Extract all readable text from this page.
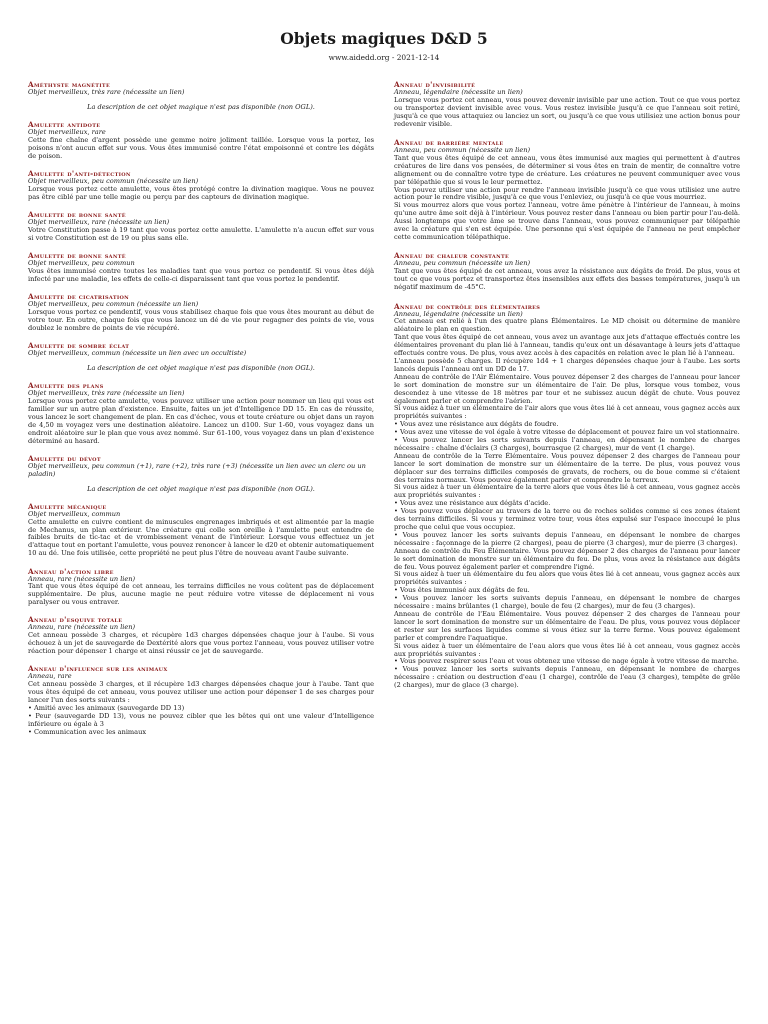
Objets magiques D&D 5
www.aidedd.org - 2021-12-14
Améthyste magnétite
Objet merveilleux, très rare (nécessite un lien)
La description de cet objet magique n'est pas disponible (non OGL).
Amulette antidote
Objet merveilleux, rare

Cette fine chaîne d'argent possède une gemme noire joliment taillée. Lorsque vous la portez, les poisons n'ont aucun effet sur vous. Vous êtes immunisé contre l'état empoisonné et contre les dégâts de poison.

Amulette d'anti-détection
Objet merveilleux, peu commun (nécessite un lien)

Lorsque vous portez cette amulette, vous êtes protégé contre la divination magique. Vous ne pouvez pas être ciblé par une telle magie ou perçu par des capteurs de divination magique.

Amulette de bonne santé
Objet merveilleux, rare (nécessite un lien)

Votre Constitution passe à 19 tant que vous portez cette amulette. L'amulette n'a aucun effet sur vous si votre Constitution est de 19 ou plus sans elle.

Amulette de bonne santé
Objet merveilleux, peu commun

Vous êtes immunisé contre toutes les maladies tant que vous portez ce pendentif. Si vous êtes déjà infecté par une maladie, les effets de celle-ci disparaissent tant que vous portez le pendentif.

Amulette de cicatrisation
Objet merveilleux, peu commun (nécessite un lien)

Lorsque vous portez ce pendentif, vous vous stabilisez chaque fois que vous êtes mourant au début de votre tour. En outre, chaque fois que vous lancez un dé de vie pour regagner des points de vie, vous doublez le nombre de points de vie récupéré.

Amulette de sombre éclat
Objet merveilleux, commun (nécessite un lien avec un occultiste)
La description de cet objet magique n'est pas disponible (non OGL).
Amulette des plans
Objet merveilleux, très rare (nécessite un lien)

Lorsque vous portez cette amulette, vous pouvez utiliser une action pour nommer un lieu qui vous est familier sur un autre plan d'existence. Ensuite, faites un jet d'Intelligence DD 15. En cas de réussite, vous lancez le sort changement de plan. En cas d'échec, vous et toute créature ou objet dans un rayon de 4,50 m voyagez vers une destination aléatoire. Lancez un d100. Sur 1-60, vous voyagez dans un endroit aléatoire sur le plan que vous avez nommé. Sur 61-100, vous voyagez dans un plan d'existence déterminé au hasard.

Amulette du dévot
Objet merveilleux, peu commun (+1), rare (+2), très rare (+3) (nécessite un lien avec un clerc ou un paladin)
La description de cet objet magique n'est pas disponible (non OGL).
Amulette mécanique
Objet merveilleux, commun

Cette amulette en cuivre contient de minuscules engrenages imbriqués et est alimentée par la magie de Mechanus, un plan extérieur. Une créature qui colle son oreille à l'amulette peut entendre de faibles bruits de tic-tac et de vrombissement venant de l'intérieur. Lorsque vous effectuez un jet d'attaque tout en portant l'amulette, vous pouvez renoncer à lancer le d20 et obtenir automatiquement 10 au dé. Une fois utilisée, cette propriété ne peut plus l'être de nouveau avant l'aube suivante.

Anneau d'action libre
Anneau, rare (nécessite un lien)

Tant que vous êtes équipé de cet anneau, les terrains difficiles ne vous coûtent pas de déplacement supplémentaire. De plus, aucune magie ne peut réduire votre vitesse de déplacement ni vous paralyser ou vous entraver.

Anneau d'esquive totale
Anneau, rare (nécessite un lien)

Cet anneau possède 3 charges, et récupère 1d3 charges dépensées chaque jour à l'aube. Si vous échouez à un jet de sauvegarde de Dextérité alors que vous portez l'anneau, vous pouvez utiliser votre réaction pour dépenser 1 charge et ainsi réussir ce jet de sauvegarde.

Anneau d'influence sur les animaux
Anneau, rare

Cet anneau possède 3 charges, et il récupère 1d3 charges dépensées chaque jour à l'aube. Tant que vous êtes équipé de cet anneau, vous pouvez utiliser une action pour dépenser 1 de ses charges pour lancer l'un des sorts suivants :

• Amitié avec les animaux (sauvegarde DD 13)

• Peur (sauvegarde DD 13), vous ne pouvez cibler que les bêtes qui ont une valeur d'Intelligence inférieure ou égale à 3

• Communication avec les animaux

Anneau d'invisibilité
Anneau, légendaire (nécessite un lien)

Lorsque vous portez cet anneau, vous pouvez devenir invisible par une action. Tout ce que vous portez ou transportez devient invisible avec vous. Vous restez invisible jusqu'à ce que l'anneau soit retiré, jusqu'à ce que vous attaquiez ou lanciez un sort, ou jusqu'à ce que vous utilisiez une action bonus pour redevenir visible.

Anneau de barrière mentale
Anneau, peu commun (nécessite un lien)

Tant que vous êtes équipé de cet anneau, vous êtes immunisé aux magies qui permettent à d'autres créatures de lire dans vos pensées, de déterminer si vous êtes en train de mentir, de connaître votre alignement ou de connaître votre type de créature. Les créatures ne peuvent communiquer avec vous par télépathie que si vous le leur permettez.

Vous pouvez utiliser une action pour rendre l'anneau invisible jusqu'à ce que vous utilisiez une autre action pour le rendre visible, jusqu'à ce que vous l'enleviez, ou jusqu'à ce que vous mourriez.

Si vous mourrez alors que vous portez l'anneau, votre âme pénètre à l'intérieur de l'anneau, à moins qu'une autre âme soit déjà à l'intérieur. Vous pouvez rester dans l'anneau ou bien partir pour l'au-delà. Aussi longtemps que votre âme se trouve dans l'anneau, vous pouvez communiquer par télépathie avec la créature qui s'en est équipée. Une personne qui s'est équipée de l'anneau ne peut empêcher cette communication télépathique.

Anneau de chaleur constante
Anneau, peu commun (nécessite un lien)

Tant que vous êtes équipé de cet anneau, vous avez la résistance aux dégâts de froid. De plus, vous et tout ce que vous portez et transportez êtes insensibles aux effets des basses températures, jusqu'à un négatif maximum de -45°C.

Anneau de contrôle des élémentaires
Anneau, légendaire (nécessite un lien)

Cet anneau est relié à l'un des quatre plans Élémentaires. Le MD choisit ou détermine de manière aléatoire le plan en question.

Tant que vous êtes équipé de cet anneau, vous avez un avantage aux jets d'attaque effectués contre les élémentaires provenant du plan lié à l'anneau, tandis qu'eux ont un désavantage à leurs jets d'attaque effectués contre vous. De plus, vous avez accès à des capacités en relation avec le plan lié à l'anneau.

L'anneau possède 5 charges. Il récupère 1d4 + 1 charges dépensées chaque jour à l'aube. Les sorts lancés depuis l'anneau ont un DD de 17.

Anneau de contrôle de l'Air Élémentaire. Vous pouvez dépenser 2 des charges de l'anneau pour lancer le sort domination de monstre sur un élémentaire de l'air. De plus, lorsque vous tombez, vous descendez à une vitesse de 18 mètres par tour et ne subissez aucun dégât de chute. Vous pouvez également parler et comprendre l'aérien.

Si vous aidez à tuer un élémentaire de l'air alors que vous êtes lié à cet anneau, vous gagnez accès aux propriétés suivantes :

• Vous avez une résistance aux dégâts de foudre.

• Vous avez une vitesse de vol égale à votre vitesse de déplacement et pouvez faire un vol stationnaire.

• Vous pouvez lancer les sorts suivants depuis l'anneau, en dépensant le nombre de charges nécessaire : chaîne d'éclairs (3 charges), bourrasque (2 charges), mur de vent (1 charge).

Anneau de contrôle de la Terre Élémentaire. Vous pouvez dépenser 2 des charges de l'anneau pour lancer le sort domination de monstre sur un élémentaire de la terre. De plus, vous pouvez vous déplacer sur des terrains difficiles composés de gravats, de rochers, ou de boue comme si c'étaient des terrains normaux. Vous pouvez également parler et comprendre le terreux.

Si vous aidez à tuer un élémentaire de la terre alors que vous êtes lié à cet anneau, vous gagnez accès aux propriétés suivantes :

• Vous avez une résistance aux dégâts d'acide.

• Vous pouvez vous déplacer au travers de la terre ou de roches solides comme si ces zones étaient des terrains difficiles. Si vous y terminez votre tour, vous êtes expulsé sur l'espace inoccupé le plus proche que celui que vous occupiez.

• Vous pouvez lancer les sorts suivants depuis l'anneau, en dépensant le nombre de charges nécessaire : façonnage de la pierre (2 charges), peau de pierre (3 charges), mur de pierre (3 charges).

Anneau de contrôle du Feu Élémentaire. Vous pouvez dépenser 2 des charges de l'anneau pour lancer le sort domination de monstre sur un élémentaire du feu. De plus, vous avez la résistance aux dégâts de feu. Vous pouvez également parler et comprendre l'igné.

Si vous aidez à tuer un élémentaire du feu alors que vous êtes lié à cet anneau, vous gagnez accès aux propriétés suivantes :

• Vous êtes immunisé aux dégâts de feu.

• Vous pouvez lancer les sorts suivants depuis l'anneau, en dépensant le nombre de charges nécessaire : mains brûlantes (1 charge), boule de feu (2 charges), mur de feu (3 charges).

Anneau de contrôle de l'Eau Élémentaire. Vous pouvez dépenser 2 des charges de l'anneau pour lancer le sort domination de monstre sur un élémentaire de l'eau. De plus, vous pouvez vous déplacer et rester sur les surfaces liquides comme si vous étiez sur la terre ferme. Vous pouvez également parler et comprendre l'aquatique.

Si vous aidez à tuer un élémentaire de l'eau alors que vous êtes lié à cet anneau, vous gagnez accès aux propriétés suivantes :

• Vous pouvez respirer sous l'eau et vous obtenez une vitesse de nage égale à votre vitesse de marche.

• Vous pouvez lancer les sorts suivants depuis l'anneau, en dépensant le nombre de charges nécessaire : création ou destruction d'eau (1 charge), contrôle de l'eau (3 charges), tempête de grêle (2 charges), mur de glace (3 charge).
